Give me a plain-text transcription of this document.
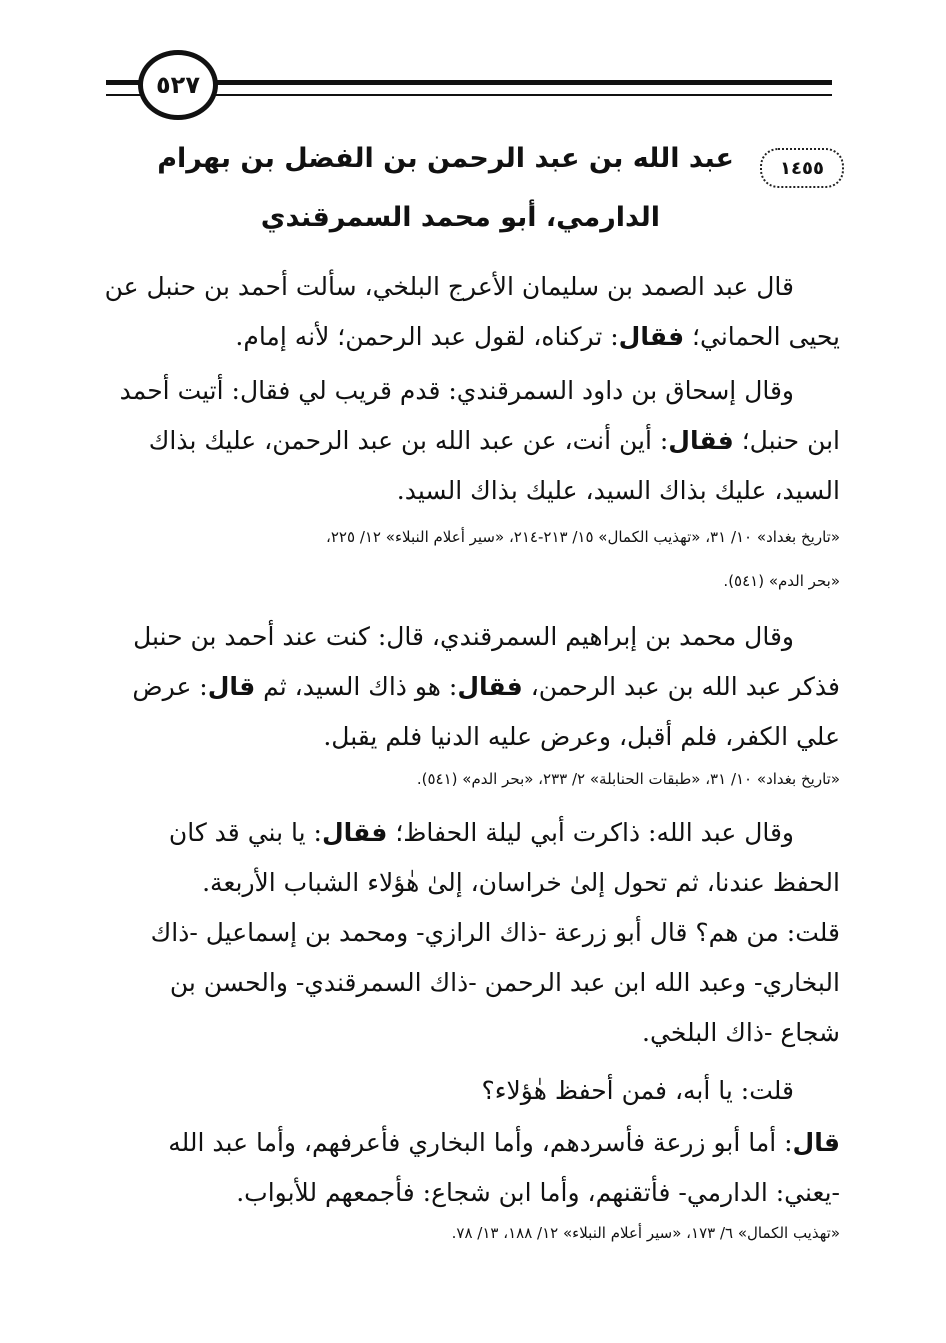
٥٢٧
١٤٥٥
عبد الله بن عبد الرحمن بن الفضل بن بهرام
الدارمي، أبو محمد السمرقندي

قال عبد الصمد بن سليمان الأعرج البلخي، سألت أحمد بن حنبل عن

يحيى الحماني؛ فقال: تركناه، لقول عبد الرحمن؛ لأنه إمام.

وقال إسحاق بن داود السمرقندي: قدم قريب لي فقال: أتيت أحمد

ابن حنبل؛ فقال: أين أنت، عن عبد الله بن عبد الرحمن، عليك بذاك

السيد، عليك بذاك السيد، عليك بذاك السيد.

«تاريخ بغداد» ١٠/ ٣١، «تهذيب الكمال» ١٥/ ٢١٣-٢١٤، «سير أعلام النبلاء» ١٢/ ٢٢٥،
«بحر الدم» (٥٤١).

وقال محمد بن إبراهيم السمرقندي، قال: كنت عند أحمد بن حنبل

فذكر عبد الله بن عبد الرحمن، فقال: هو ذاك السيد، ثم قال: عرض

علي الكفر، فلم أقبل، وعرض عليه الدنيا فلم يقبل.

«تاريخ بغداد» ١٠/ ٣١، «طبقات الحنابلة» ٢/ ٢٣٣، «بحر الدم» (٥٤١).

وقال عبد الله: ذاكرت أبي ليلة الحفاظ؛ فقال: يا بني قد كان

الحفظ عندنا، ثم تحول إلىٰ خراسان، إلىٰ هٰؤلاء الشباب الأربعة.

قلت: من هم؟ قال أبو زرعة -ذاك الرازي- ومحمد بن إسماعيل -ذاك

البخاري- وعبد الله ابن عبد الرحمن -ذاك السمرقندي- والحسن بن

شجاع -ذاك البلخي.

قلت: يا أبه، فمن أحفظ هٰؤلاء؟

قال: أما أبو زرعة فأسردهم، وأما البخاري فأعرفهم، وأما عبد الله

-يعني: الدارمي- فأتقنهم، وأما ابن شجاع: فأجمعهم للأبواب.

«تهذيب الكمال» ٦/ ١٧٣، «سير أعلام النبلاء» ١٢/ ١٨٨، ١٣/ ٧٨.
